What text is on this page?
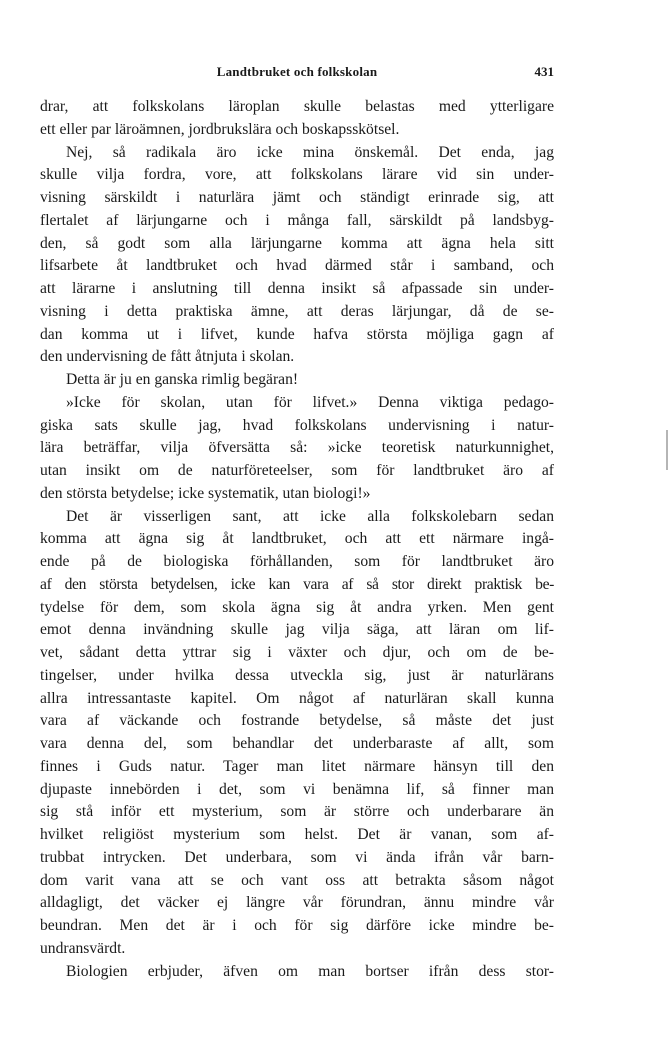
Landtbruket och folkskolan	431

drar, att folkskolans läroplan skulle belastas med ytterligare

ett eller par läroämnen, jordbrukslära och boskapsskötsel.

Nej, så radikala äro icke mina önskemål. Det enda, jag

skulle vilja fordra, vore, att folkskolans lärare vid sin under-

visning särskildt i naturlära jämt och ständigt erinrade sig, att

flertalet af lärjungarne och i många fall, särskildt på landsbyg-

den, så godt som alla lärjungarne komma att ägna hela sitt

lifsarbete åt landtbruket och hvad därmed står i samband, och

att lärarne i anslutning till denna insikt så afpassade sin under-

visning i detta praktiska ämne, att deras lärjungar, då de se-

dan komma ut i lifvet, kunde hafva största möjliga gagn af

den undervisning de fått åtnjuta i skolan.

Detta är ju en ganska rimlig begäran!

»Icke för skolan, utan för lifvet.» Denna viktiga pedago-

giska sats skulle jag, hvad folkskolans undervisning i natur-

lära beträffar, vilja öfversätta så: »icke teoretisk naturkunnighet,

utan insikt om de naturföreteelser, som för landtbruket äro af

den största betydelse; icke systematik, utan biologi!»

Det är visserligen sant, att icke alla folkskolebarn sedan

komma att ägna sig åt landtbruket, och att ett närmare ingå-

ende på de biologiska förhållanden, som för landtbruket äro

af den största betydelsen, icke kan vara af så stor direkt praktisk be-

tydelse för dem, som skola ägna sig åt andra yrken. Men gent

emot denna invändning skulle jag vilja säga, att läran om lif-

vet, sådant detta yttrar sig i växter och djur, och om de be-

tingelser, under hvilka dessa utveckla sig, just är naturlärans

allra intressantaste kapitel. Om något af naturläran skall kunna

vara af väckande och fostrande betydelse, så måste det just

vara denna del, som behandlar det underbaraste af allt, som

finnes i Guds natur. Tager man litet närmare hänsyn till den

djupaste innebörden i det, som vi benämna lif, så finner man

sig stå inför ett mysterium, som är större och underbarare än

hvilket religiöst mysterium som helst. Det är vanan, som af-

trubbat intrycken. Det underbara, som vi ända ifrån vår barn-

dom varit vana att se och vant oss att betrakta såsom något

alldagligt, det väcker ej längre vår förundran, ännu mindre vår

beundran. Men det är i och för sig därföre icke mindre be-

undransvärdt.

Biologien erbjuder, äfven om man bortser ifrån dess stor-
